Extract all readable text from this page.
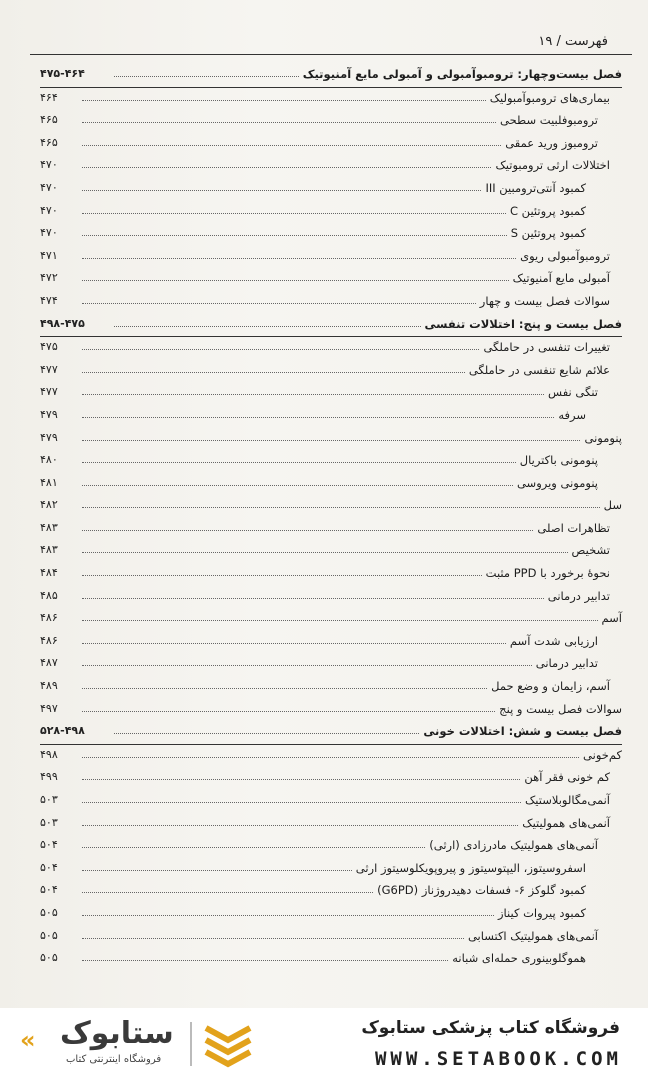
فهرست / ۱۹
فصل بیست‌وچهار: ترومبوآمبولی و آمبولی مایع آمنیوتیک
۴۷۵-۴۶۴
بیماری‌های ترومبوآمبولیک
۴۶۴
ترومبوفلبیت سطحی
۴۶۵
ترومبوز ورید عمقی
۴۶۵
اختلالات ارثی ترومبوتیک
۴۷۰
کمبود آنتی‌ترومبین III
۴۷۰
کمبود پروتئین C
۴۷۰
کمبود پروتئین S
۴۷۰
ترومبوآمبولی ریوی
۴۷۱
آمبولی مایع آمنیوتیک
۴۷۲
سوالات فصل بیست و چهار
۴۷۴
فصل بیست و پنج: اختلالات تنفسی
۴۹۸-۴۷۵
تغییرات تنفسی در حاملگی
۴۷۵
علائم شایع تنفسی در حاملگی
۴۷۷
تنگی نفس
۴۷۷
سرفه
۴۷۹
پنومونی
۴۷۹
پنومونی باکتریال
۴۸۰
پنومونی ویروسی
۴۸۱
سل
۴۸۲
تظاهرات اصلی
۴۸۳
تشخیص
۴۸۳
نحوهٔ برخورد با PPD مثبت
۴۸۴
تدابیر درمانی
۴۸۵
آسم
۴۸۶
ارزیابی شدت آسم
۴۸۶
تدابیر درمانی
۴۸۷
آسم، زایمان و وضع حمل
۴۸۹
سوالات فصل بیست و پنج
۴۹۷
فصل بیست و شش: اختلالات خونی
۵۲۸-۴۹۸
کم‌خونی
۴۹۸
کم خونی فقر آهن
۴۹۹
آنمی‌مگالوبلاستیک
۵۰۳
آنمی‌های همولیتیک
۵۰۳
آنمی‌های همولیتیک مادرزادی (ارثی)
۵۰۴
اسفروسیتوز، الیپتوسیتوز و پیروپویکلوسیتوز ارثی
۵۰۴
کمبود گلوکز ۶- فسفات دهیدروژناز (G6PD)
۵۰۴
کمبود پیروات کیناز
۵۰۵
آنمی‌های همولیتیک اکتسابی
۵۰۵
هموگلوبینوری حمله‌ای شبانه
۵۰۵
« ستابوک
فروشگاه اینترنتی کتاب
فروشگاه کتاب پزشکی ستابوک
WWW.SETABOOK.COM
